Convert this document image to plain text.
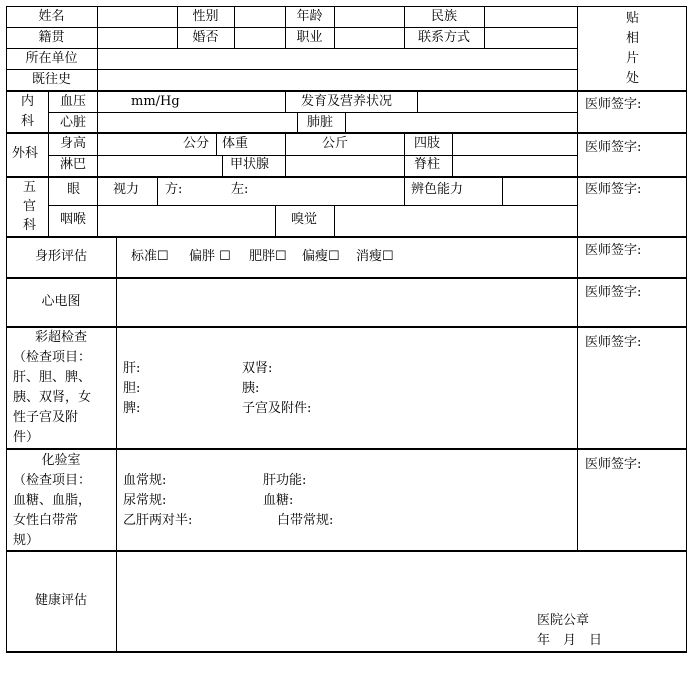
姓名	性别	年龄	民族
籍贯	婚否	职业	联系方式
所在单位
既往史
贴
相
片
处
内
科
血压	mm/Hg	发育及营养状况
心脏	肺脏
医师签字:
外科
身高	公分 体重	公斤	四肢
淋巴	甲状腺	脊柱
医师签字:
五
官
科
眼	视力 方:	左:	辨色能力
咽喉	嗅觉
医师签字:
身形评估	标准☐ 偏胖 ☐ 肥胖☐ 偏瘦☐ 消瘦☐	医师签字:
心电图
医师签字:
彩超检查
（检查项目：
肝、胆、脾、
胰、双肾，女
性子宫及附
件）
肝:	双肾:
胆:	胰:
脾:	子宫及附件:
医师签字:
化验室
（检查项目：
血糖、血脂，
女性白带常
规）
血常规:	肝功能:
尿常规:	血糖:
乙肝两对半:	白带常规:
医师签字:
健康评估
医院公章
年　月　日
